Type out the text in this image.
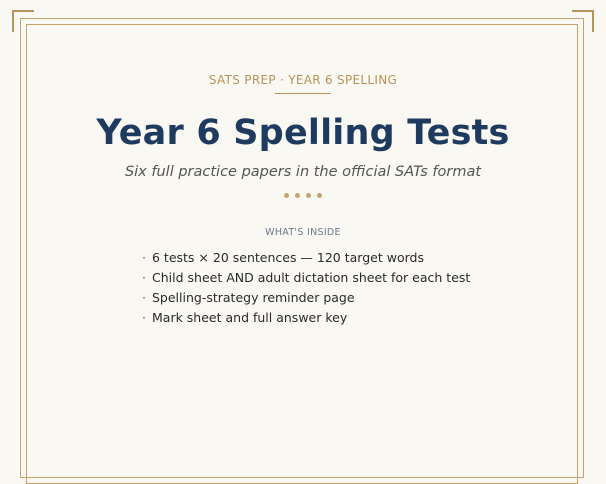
SATS PREP · YEAR 6 SPELLING
Year 6 Spelling Tests
Six full practice papers in the official SATs format

WHAT'S INSIDE
· 6 tests × 20 sentences — 120 target words
· Child sheet AND adult dictation sheet for each test
· Spelling-strategy reminder page
· Mark sheet and full answer key
